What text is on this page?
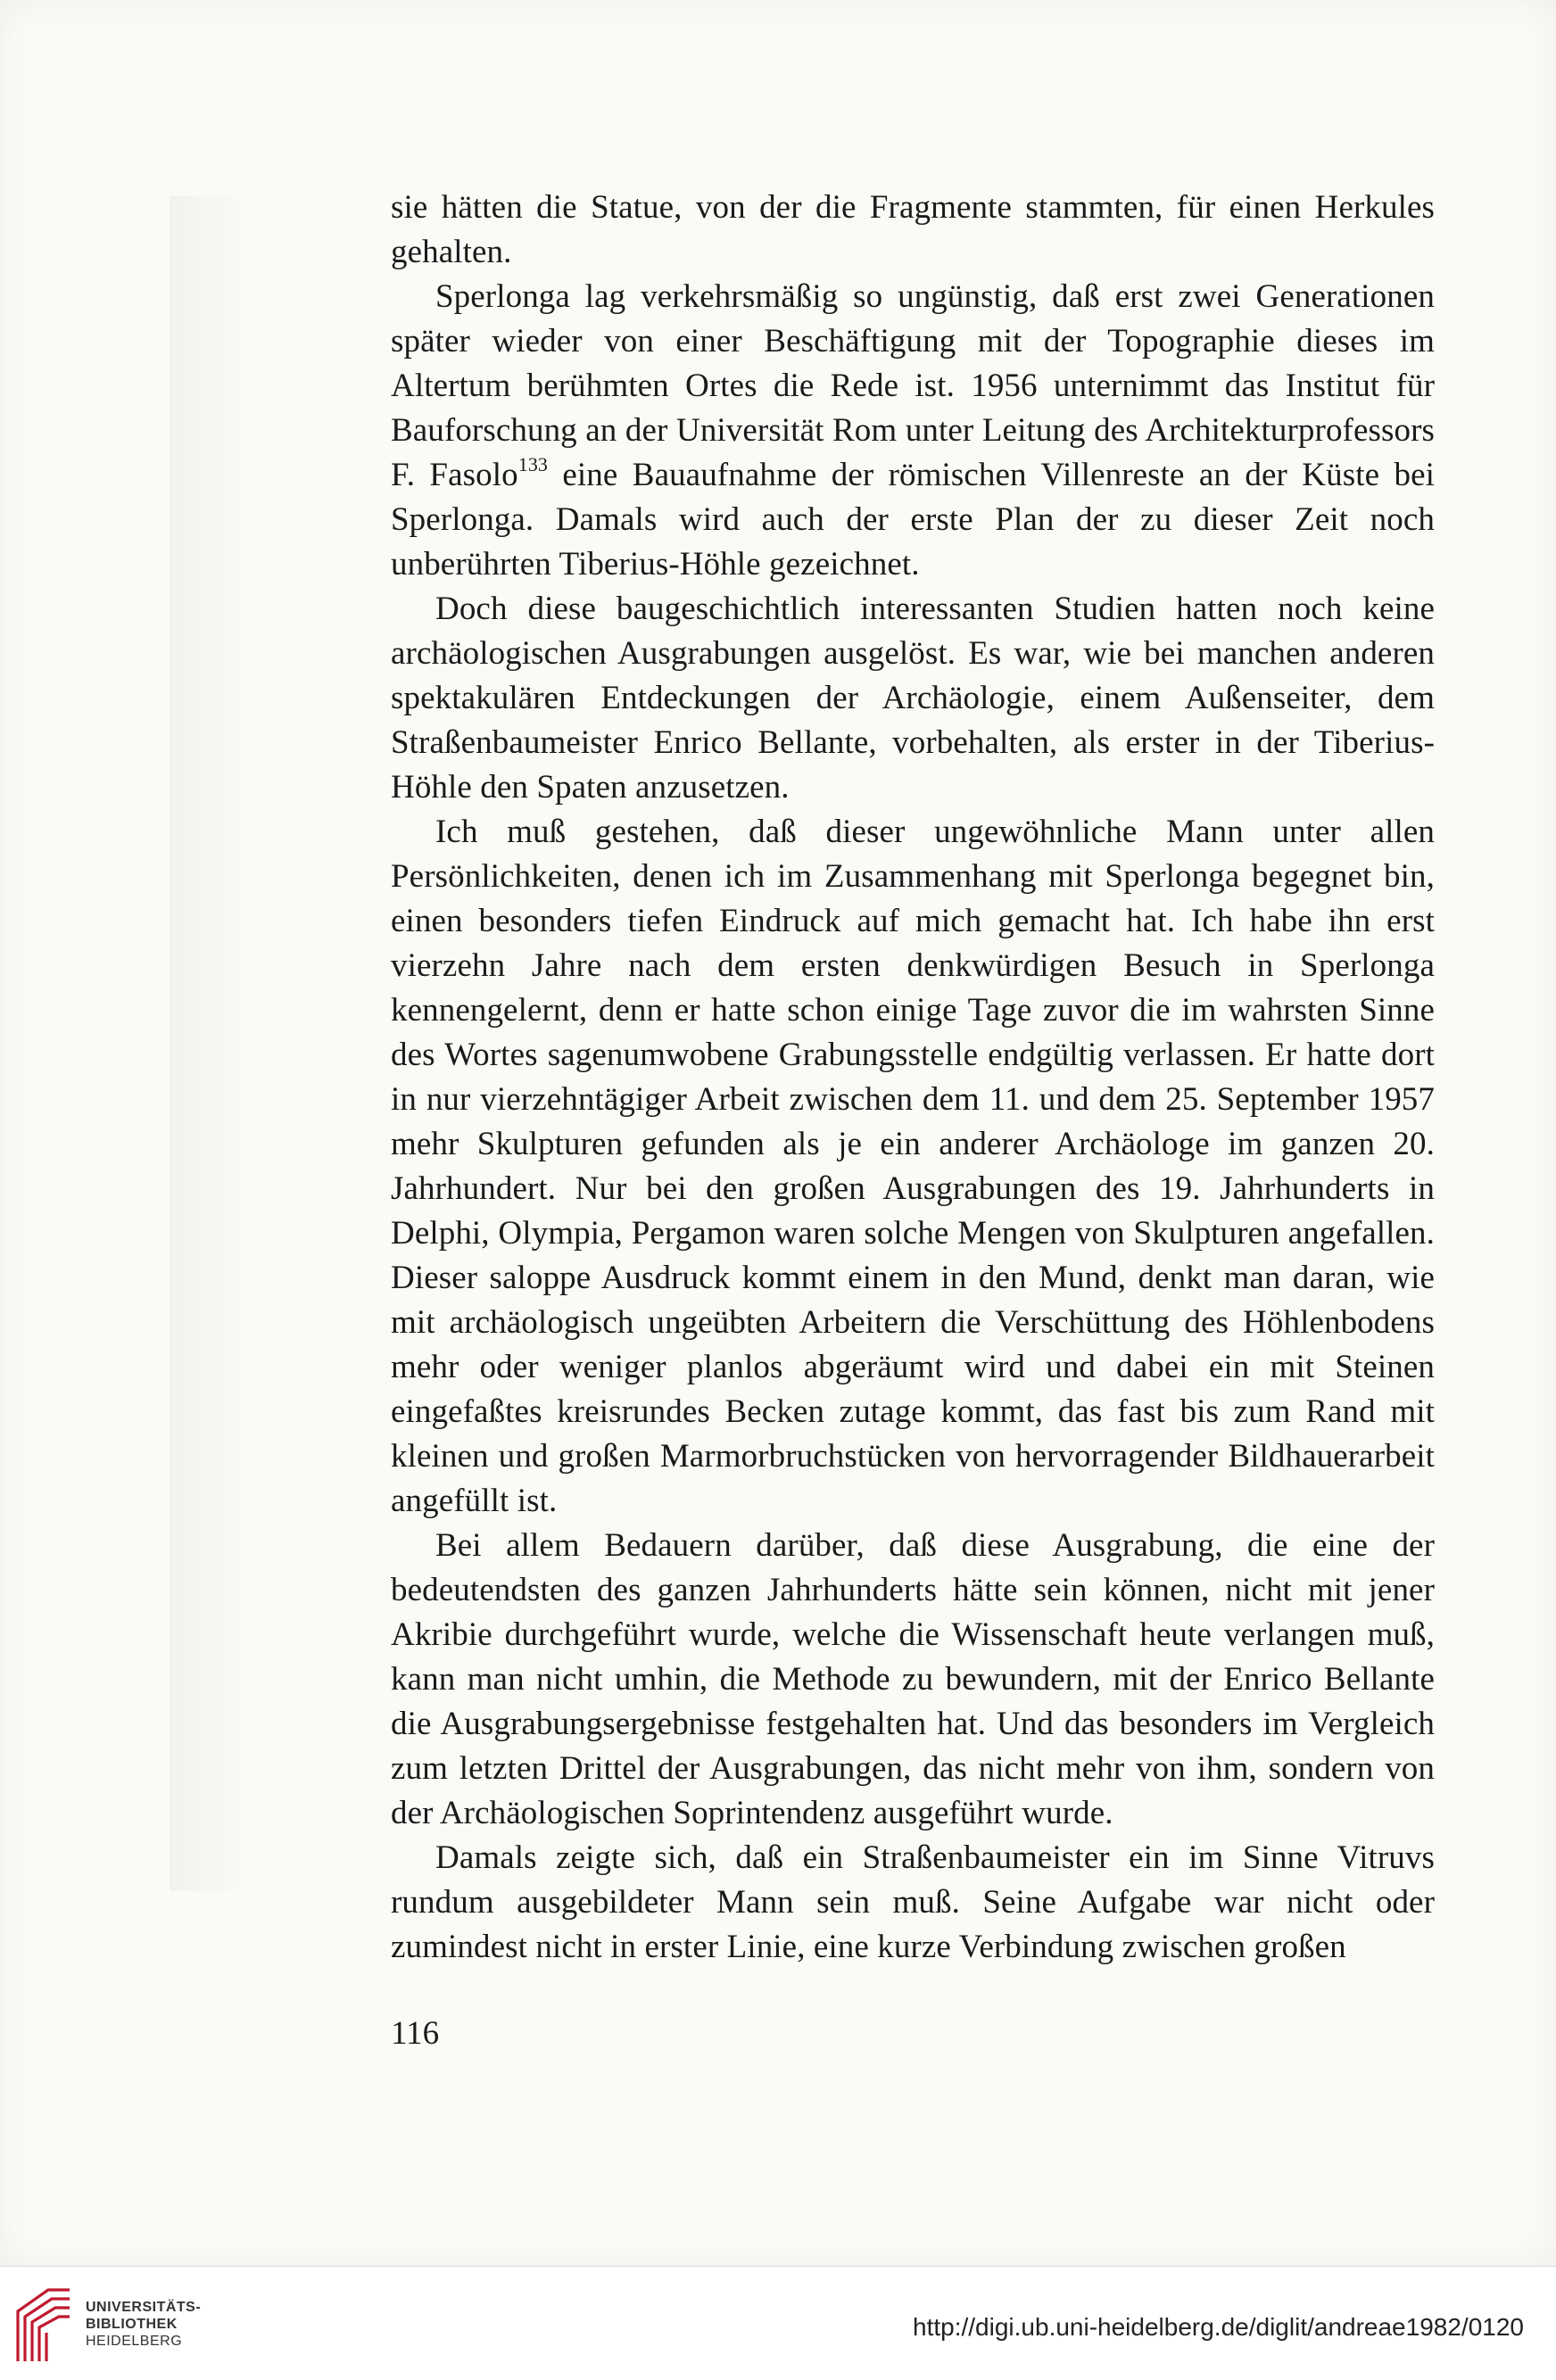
sie hätten die Statue, von der die Fragmente stammten, für einen Herkules gehalten.

Sperlonga lag verkehrsmäßig so ungünstig, daß erst zwei Generationen später wieder von einer Beschäftigung mit der Topographie dieses im Altertum berühmten Ortes die Rede ist. 1956 unternimmt das Institut für Bauforschung an der Universität Rom unter Leitung des Architekturprofessors F. Fasolo$^{133}$ eine Bauaufnahme der römischen Villenreste an der Küste bei Sperlonga. Damals wird auch der erste Plan der zu dieser Zeit noch unberührten Tiberius-Höhle gezeichnet.

Doch diese baugeschichtlich interessanten Studien hatten noch keine archäologischen Ausgrabungen ausgelöst. Es war, wie bei manchen anderen spektakulären Entdeckungen der Archäologie, einem Außenseiter, dem Straßenbaumeister Enrico Bellante, vorbehalten, als erster in der Tiberius-Höhle den Spaten anzusetzen.

Ich muß gestehen, daß dieser ungewöhnliche Mann unter allen Persönlichkeiten, denen ich im Zusammenhang mit Sperlonga begegnet bin, einen besonders tiefen Eindruck auf mich gemacht hat. Ich habe ihn erst vierzehn Jahre nach dem ersten denkwürdigen Besuch in Sperlonga kennengelernt, denn er hatte schon einige Tage zuvor die im wahrsten Sinne des Wortes sagenumwobene Grabungsstelle endgültig verlassen. Er hatte dort in nur vierzehntägiger Arbeit zwischen dem 11. und dem 25. September 1957 mehr Skulpturen gefunden als je ein anderer Archäologe im ganzen 20. Jahrhundert. Nur bei den großen Ausgrabungen des 19. Jahrhunderts in Delphi, Olympia, Pergamon waren solche Mengen von Skulpturen angefallen. Dieser saloppe Ausdruck kommt einem in den Mund, denkt man daran, wie mit archäologisch ungeübten Arbeitern die Verschüttung des Höhlenbodens mehr oder weniger planlos abgeräumt wird und dabei ein mit Steinen eingefaßtes kreisrundes Becken zutage kommt, das fast bis zum Rand mit kleinen und großen Marmorbruchstücken von hervorragender Bildhauerarbeit angefüllt ist.

Bei allem Bedauern darüber, daß diese Ausgrabung, die eine der bedeutendsten des ganzen Jahrhunderts hätte sein können, nicht mit jener Akribie durchgeführt wurde, welche die Wissenschaft heute verlangen muß, kann man nicht umhin, die Methode zu bewundern, mit der Enrico Bellante die Ausgrabungsergebnisse festgehalten hat. Und das besonders im Vergleich zum letzten Drittel der Ausgrabungen, das nicht mehr von ihm, sondern von der Archäologischen Soprintendenz ausgeführt wurde.

Damals zeigte sich, daß ein Straßenbaumeister ein im Sinne Vitruvs rundum ausgebildeter Mann sein muß. Seine Aufgabe war nicht oder zumindest nicht in erster Linie, eine kurze Verbindung zwischen großen

116
UNIVERSITÄTS-
BIBLIOTHEK
HEIDELBERG
http://digi.ub.uni-heidelberg.de/diglit/andreae1982/0120
